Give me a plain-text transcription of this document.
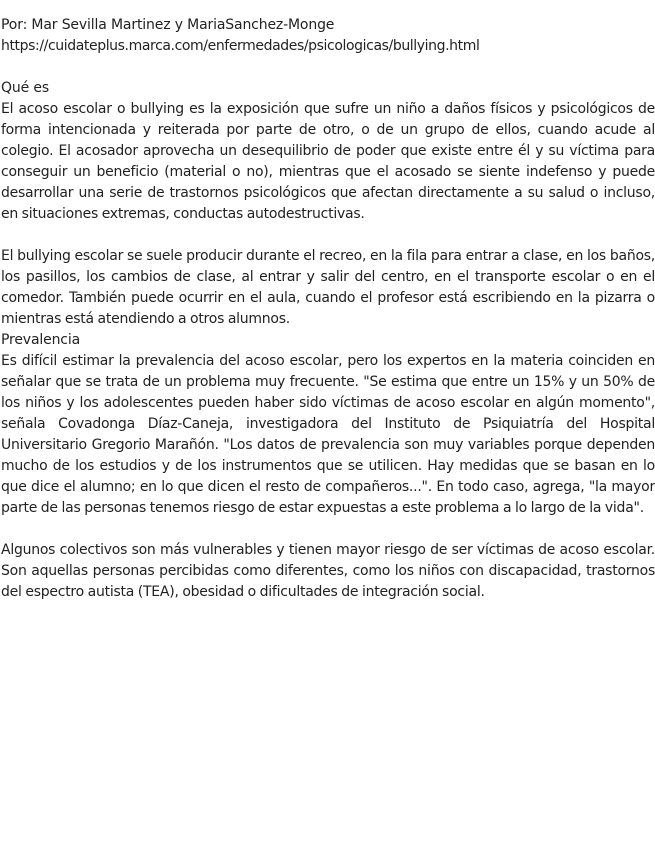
Por: Mar Sevilla Martinez y MariaSanchez-Monge
https://cuidateplus.marca.com/enfermedades/psicologicas/bullying.html
Qué es

El acoso escolar o bullying es la exposición que sufre un niño a daños físicos y psicológicos de forma intencionada y reiterada por parte de otro, o de un grupo de ellos, cuando acude al colegio. El acosador aprovecha un desequilibrio de poder que existe entre él y su víctima para conseguir un beneficio (material o no), mientras que el acosado se siente indefenso y puede desarrollar una serie de trastornos psicológicos que afectan directamente a su salud o incluso, en situaciones extremas, conductas autodestructivas.

El bullying escolar se suele producir durante el recreo, en la fila para entrar a clase, en los baños, los pasillos, los cambios de clase, al entrar y salir del centro, en el transporte escolar o en el comedor. También puede ocurrir en el aula, cuando el profesor está escribiendo en la pizarra o mientras está atendiendo a otros alumnos.

Prevalencia

Es difícil estimar la prevalencia del acoso escolar, pero los expertos en la materia coinciden en señalar que se trata de un problema muy frecuente. "Se estima que entre un 15% y un 50% de los niños y los adolescentes pueden haber sido víctimas de acoso escolar en algún momento", señala Covadonga Díaz-Caneja, investigadora del Instituto de Psiquiatría del Hospital Universitario Gregorio Marañón. "Los datos de prevalencia son muy variables porque dependen mucho de los estudios y de los instrumentos que se utilicen. Hay medidas que se basan en lo que dice el alumno; en lo que dicen el resto de compañeros...". En todo caso, agrega, "la mayor parte de las personas tenemos riesgo de estar expuestas a este problema a lo largo de la vida".

Algunos colectivos son más vulnerables y tienen mayor riesgo de ser víctimas de acoso escolar. Son aquellas personas percibidas como diferentes, como los niños con discapacidad, trastornos del espectro autista (TEA), obesidad o dificultades de integración social.
